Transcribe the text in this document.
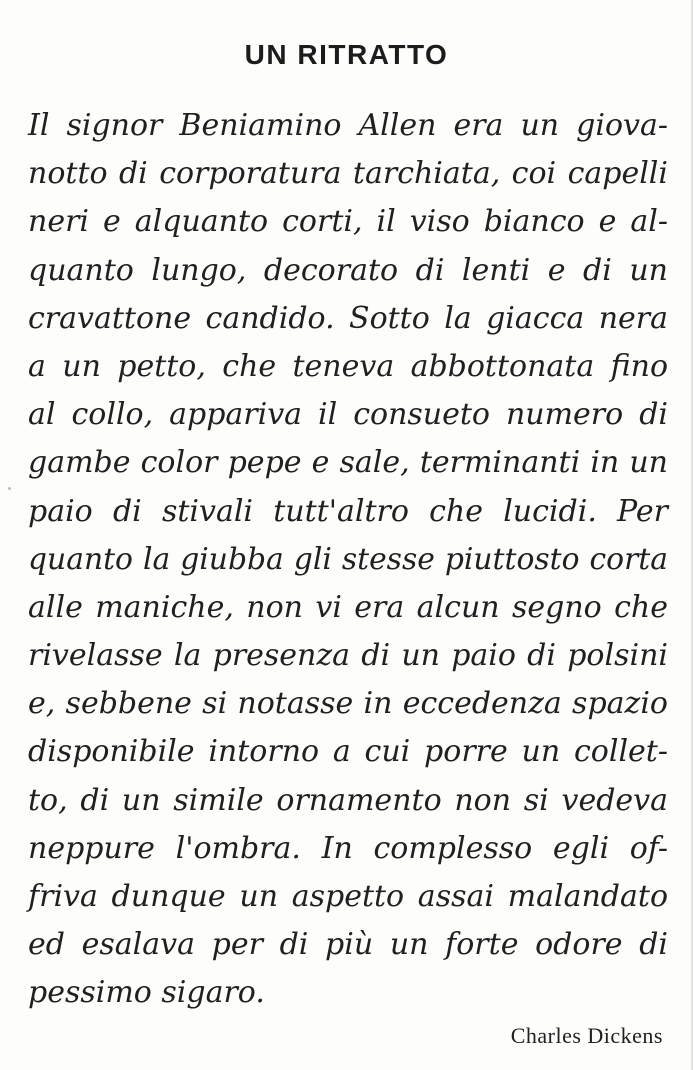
UN RITRATTO
Il signor Beniamino Allen era un giova-
notto di corporatura tarchiata, coi capelli
neri e alquanto corti, il viso bianco e al-
quanto lungo, decorato di lenti e di un
cravattone candido. Sotto la giacca nera
a un petto, che teneva abbottonata fino
al collo, appariva il consueto numero di
gambe color pepe e sale, terminanti in un
paio di stivali tutt'altro che lucidi. Per
quanto la giubba gli stesse piuttosto corta
alle maniche, non vi era alcun segno che
rivelasse la presenza di un paio di polsini
e, sebbene si notasse in eccedenza spazio
disponibile intorno a cui porre un collet-
to, di un simile ornamento non si vedeva
neppure l'ombra. In complesso egli of-
friva dunque un aspetto assai malandato
ed esalava per di più un forte odore di
pessimo sigaro.
Charles Dickens
